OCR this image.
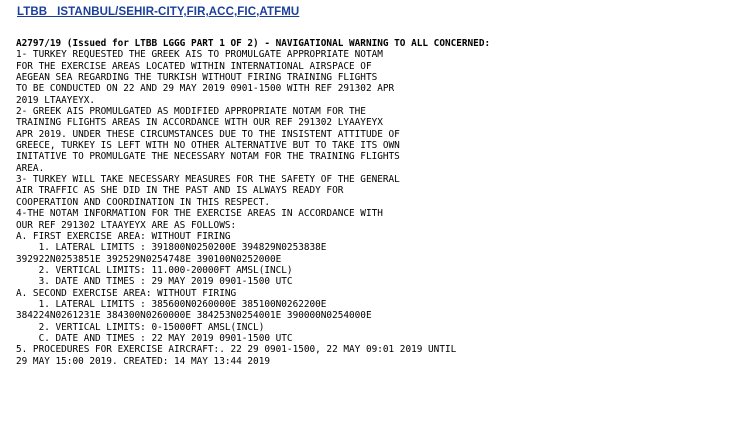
LTBB   ISTANBUL/SEHIR-CITY,FIR,ACC,FIC,ATFMU
A2797/19 (Issued for LTBB LGGG PART 1 OF 2) - NAVIGATIONAL WARNING TO ALL CONCERNED:
1- TURKEY REQUESTED THE GREEK AIS TO PROMULGATE APPROPRIATE NOTAM
FOR THE EXERCISE AREAS LOCATED WITHIN INTERNATIONAL AIRSPACE OF
AEGEAN SEA REGARDING THE TURKISH WITHOUT FIRING TRAINING FLIGHTS
TO BE CONDUCTED ON 22 AND 29 MAY 2019 0901-1500 WITH REF 291302 APR
2019 LTAAYEYX.
2- GREEK AIS PROMULGATED AS MODIFIED APPROPRIATE NOTAM FOR THE
TRAINING FLIGHTS AREAS IN ACCORDANCE WITH OUR REF 291302 LYAAYEYX
APR 2019. UNDER THESE CIRCUMSTANCES DUE TO THE INSISTENT ATTITUDE OF
GREECE, TURKEY IS LEFT WITH NO OTHER ALTERNATIVE BUT TO TAKE ITS OWN
INITATIVE TO PROMULGATE THE NECESSARY NOTAM FOR THE TRAINING FLIGHTS
AREA.
3- TURKEY WILL TAKE NECESSARY MEASURES FOR THE SAFETY OF THE GENERAL
AIR TRAFFIC AS SHE DID IN THE PAST AND IS ALWAYS READY FOR
COOPERATION AND COORDINATION IN THIS RESPECT.
4-THE NOTAM INFORMATION FOR THE EXERCISE AREAS IN ACCORDANCE WITH
OUR REF 291302 LTAAYEYX ARE AS FOLLOWS:
A. FIRST EXERCISE AREA: WITHOUT FIRING
1. LATERAL LIMITS : 391800N0250200E 394829N0253838E
392922N0253851E 392529N0254748E 390100N0252000E
2. VERTICAL LIMITS: 11.000-20000FT AMSL(INCL)
3. DATE AND TIMES : 29 MAY 2019 0901-1500 UTC
A. SECOND EXERCISE AREA: WITHOUT FIRING
1. LATERAL LIMITS : 385600N0260000E 385100N0262200E
384224N0261231E 384300N0260000E 384253N0254001E 390000N0254000E
2. VERTICAL LIMITS: 0-15000FT AMSL(INCL)
C. DATE AND TIMES : 22 MAY 2019 0901-1500 UTC
5. PROCEDURES FOR EXERCISE AIRCRAFT:. 22 29 0901-1500, 22 MAY 09:01 2019 UNTIL
29 MAY 15:00 2019. CREATED: 14 MAY 13:44 2019
